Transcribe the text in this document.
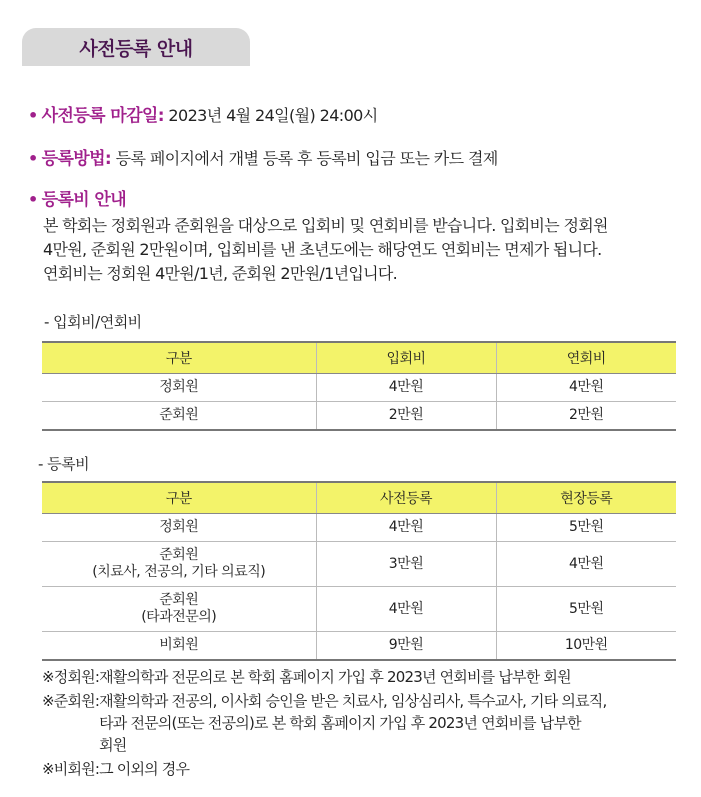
사전등록 안내
• 사전등록 마감일: 2023년 4월 24일(월) 24:00시
• 등록방법: 등록 페이지에서 개별 등록 후 등록비 입금 또는 카드 결제
• 등록비 안내
본 학회는 정회원과 준회원을 대상으로 입회비 및 연회비를 받습니다. 입회비는 정회원
4만원, 준회원 2만원이며, 입회비를 낸 초년도에는 해당연도 연회비는 면제가 됩니다.
연회비는 정회원 4만원/1년, 준회원 2만원/1년입니다.
- 입회비/연회비
구분	입회비	연회비
정회원	4만원	4만원
준회원	2만원	2만원
- 등록비
구분	사전등록	현장등록

정회원	4만원	5만원

준회원
(치료사, 전공의, 기타 의료직)	3만원	4만원

준회원
(타과전문의)	4만원	5만원

비회원	9만원	10만원
※정회원: 재활의학과 전문의로 본 학회 홈페이지 가입 후 2023년 연회비를 납부한 회원
※준회원: 재활의학과 전공의, 이사회 승인을 받은 치료사, 임상심리사, 특수교사, 기타 의료직,
타과 전문의(또는 전공의)로 본 학회 홈페이지 가입 후 2023년 연회비를 납부한
회원
※비회원: 그 이외의 경우
